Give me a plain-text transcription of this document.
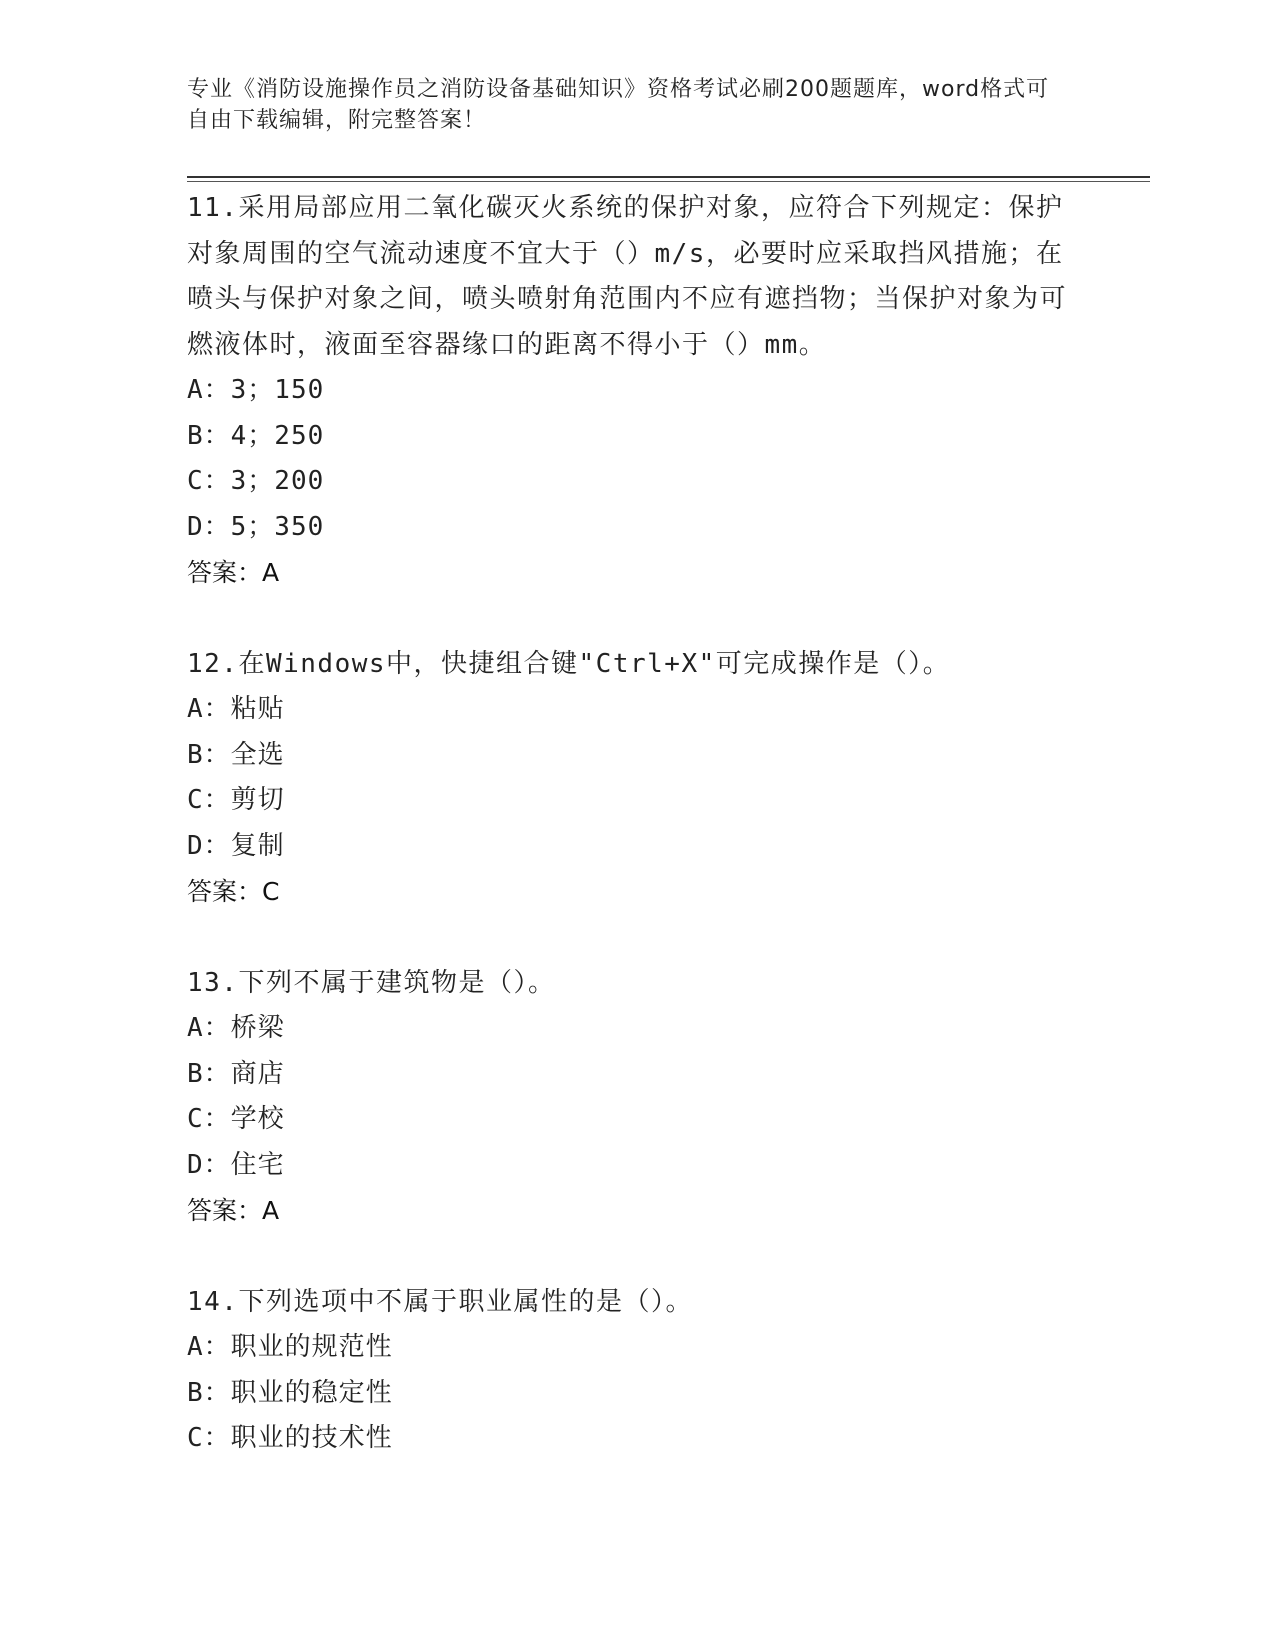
专业《消防设施操作员之消防设备基础知识》资格考试必刷200题题库，word格式可自由下载编辑，附完整答案！

11.采用局部应用二氧化碳灭火系统的保护对象，应符合下列规定：保护对象周围的空气流动速度不宜大于（）m/s，必要时应采取挡风措施；在喷头与保护对象之间，喷头喷射角范围内不应有遮挡物；当保护对象为可燃液体时，液面至容器缘口的距离不得小于（）mm。

A： 3；150

B： 4；250

C： 3；200

D： 5；350

答案： A

12.在Windows中，快捷组合键"Ctrl+X"可完成操作是（）。

A： 粘贴

B： 全选

C： 剪切

D： 复制

答案： C

13.下列不属于建筑物是（）。

A： 桥梁

B： 商店

C： 学校

D： 住宅

答案： A

14.下列选项中不属于职业属性的是（）。

A： 职业的规范性

B： 职业的稳定性

C： 职业的技术性
